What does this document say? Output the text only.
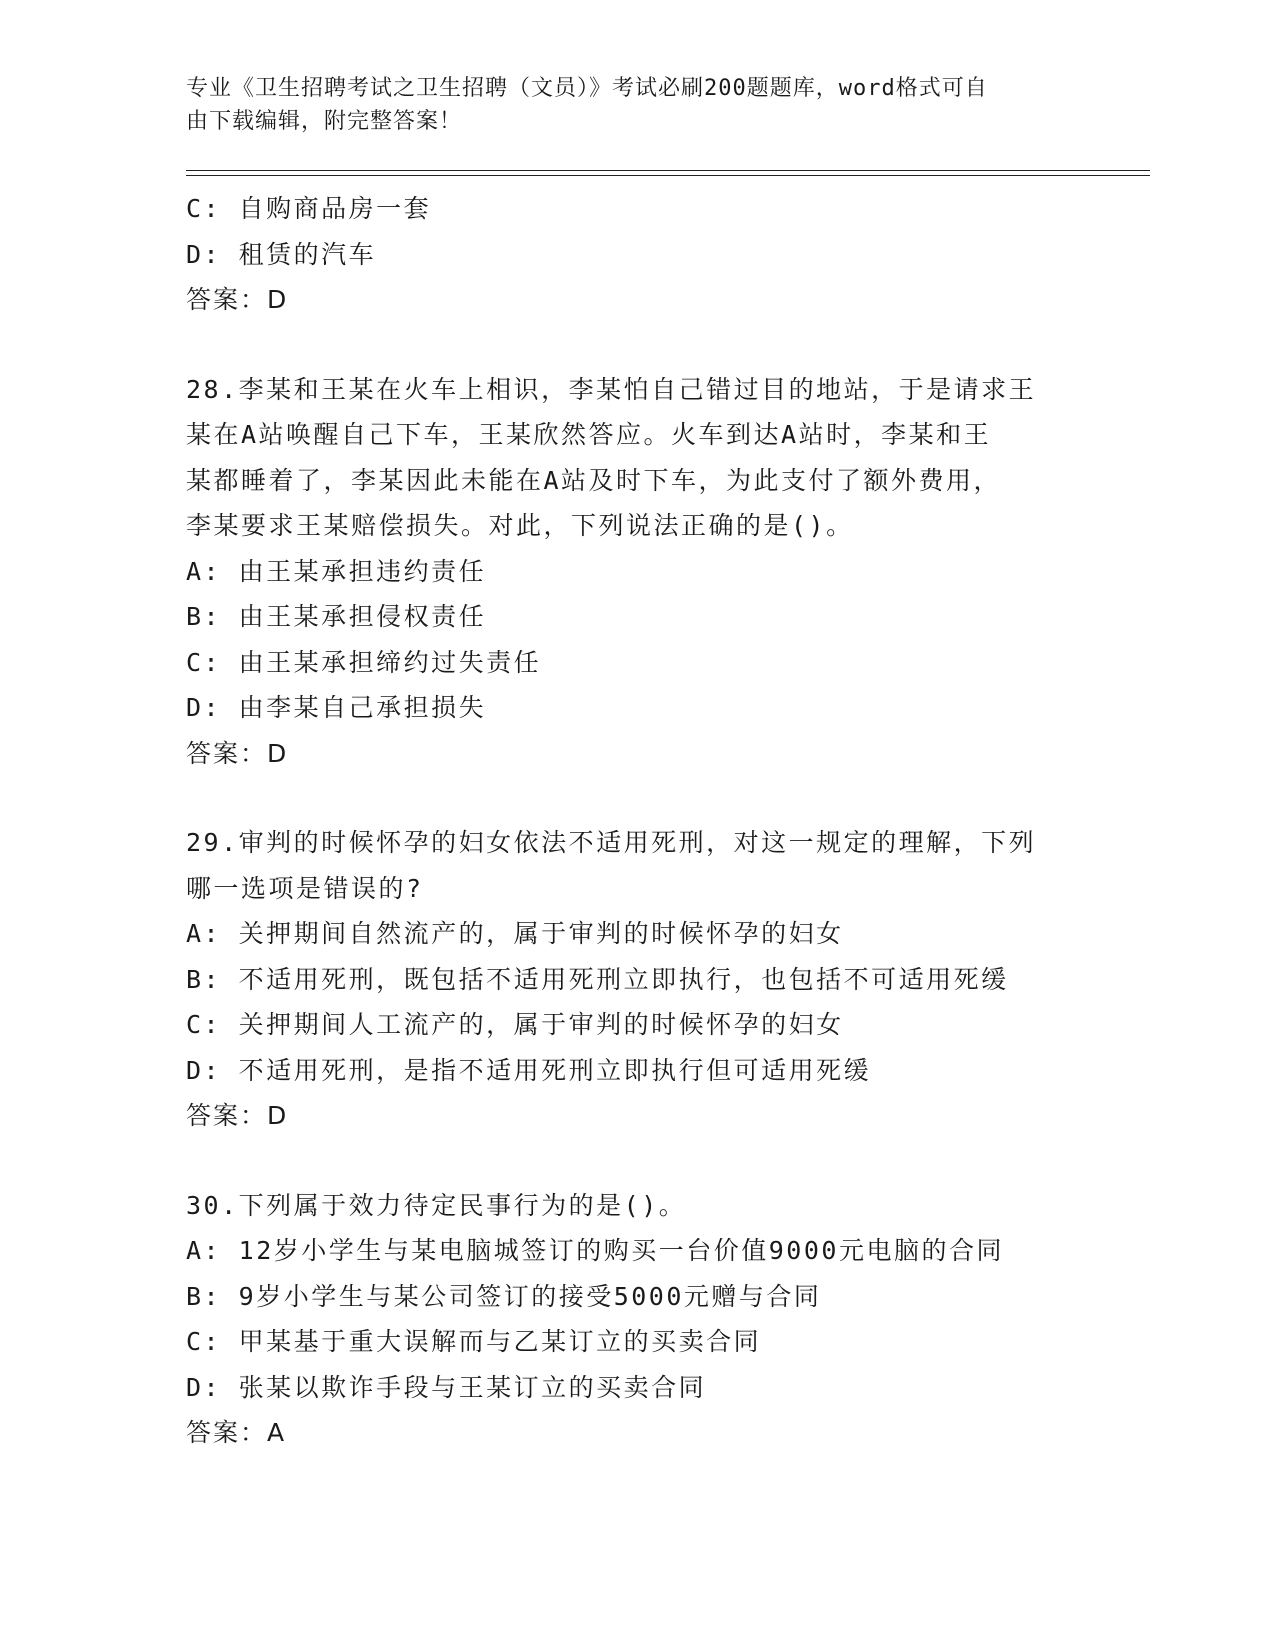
专业《卫生招聘考试之卫生招聘（文员）》考试必刷200题题库，word格式可自
由下载编辑，附完整答案！
C: 自购商品房一套
D: 租赁的汽车
答案：D
28.李某和王某在火车上相识，李某怕自己错过目的地站，于是请求王
某在A站唤醒自己下车，王某欣然答应。火车到达A站时，李某和王
某都睡着了，李某因此未能在A站及时下车，为此支付了额外费用，
李某要求王某赔偿损失。对此，下列说法正确的是()。
A: 由王某承担违约责任
B: 由王某承担侵权责任
C: 由王某承担缔约过失责任
D: 由李某自己承担损失
答案：D
29.审判的时候怀孕的妇女依法不适用死刑，对这一规定的理解，下列
哪一选项是错误的?
A: 关押期间自然流产的，属于审判的时候怀孕的妇女
B: 不适用死刑，既包括不适用死刑立即执行，也包括不可适用死缓
C: 关押期间人工流产的，属于审判的时候怀孕的妇女
D: 不适用死刑，是指不适用死刑立即执行但可适用死缓
答案：D
30.下列属于效力待定民事行为的是()。
A: 12岁小学生与某电脑城签订的购买一台价值9000元电脑的合同
B: 9岁小学生与某公司签订的接受5000元赠与合同
C: 甲某基于重大误解而与乙某订立的买卖合同
D: 张某以欺诈手段与王某订立的买卖合同
答案：A
